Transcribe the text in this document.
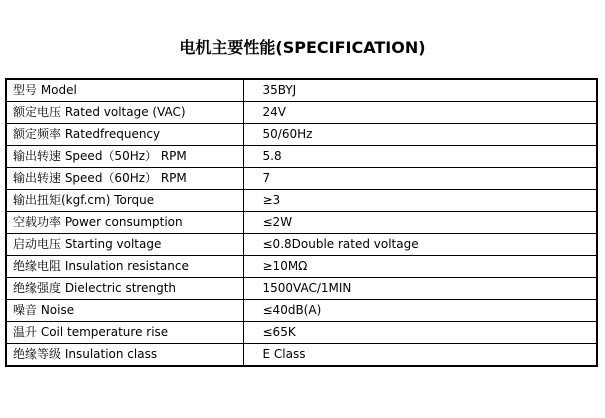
电机主要性能(SPECIFICATION)
型号 Model	35BYJ
额定电压 Rated voltage (VAC)	24V
额定频率 Ratedfrequency	50/60Hz
输出转速 Speed（50Hz） RPM	5.8
输出转速 Speed（60Hz） RPM	7
输出扭矩(kgf.cm) Torque	≥3
空载功率 Power consumption	≤2W
启动电压 Starting voltage	≤0.8Double rated voltage
绝缘电阻 Insulation resistance	≥10MΩ
绝缘强度 Dielectric strength	1500VAC/1MIN
噪音 Noise	≤40dB(A)
温升 Coil temperature rise	≤65K
绝缘等级 Insulation class	E Class
